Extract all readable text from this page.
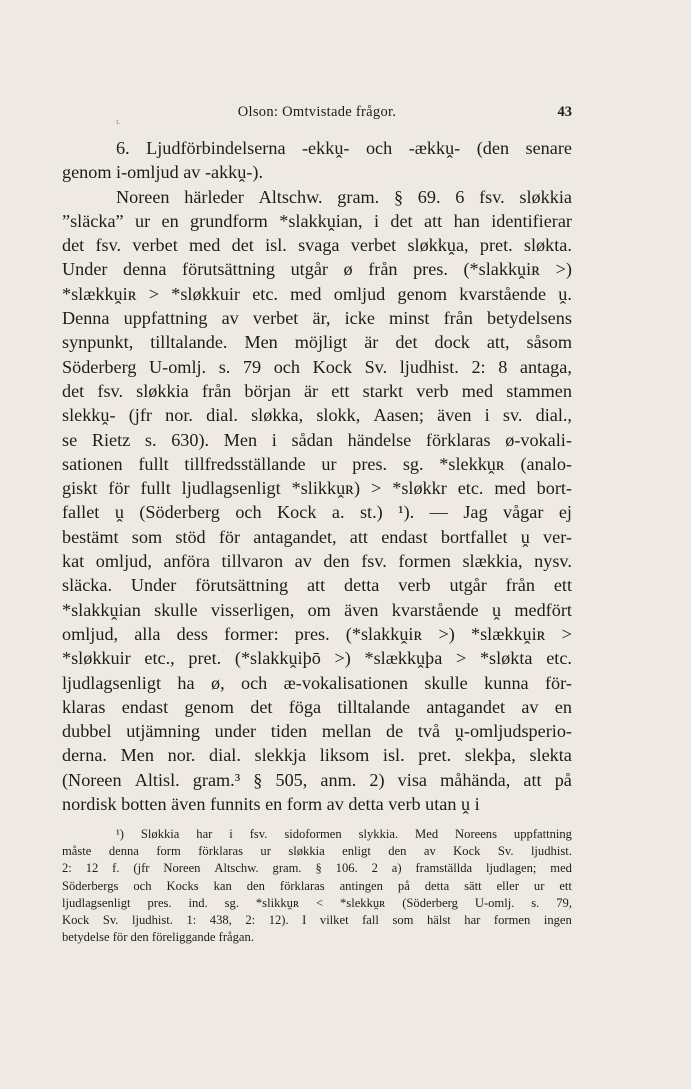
Olson: Omtvistade frågor.	43
ᴸ
6. Ljudförbindelserna -ekkṷ- och -ækkṷ- (den senare
genom i-omljud av -akkṷ-).
Noreen härleder Altschw. gram. § 69. 6 fsv. sløkkia
”släcka” ur en grundform *slakkṷian, i det att han identifierar
det fsv. verbet med det isl. svaga verbet sløkkṷa, pret. sløkta.
Under denna förutsättning utgår ø från pres. (*slakkṷiʀ >)
*slækkṷiʀ > *sløkkuir etc. med omljud genom kvarstående ṷ.
Denna uppfattning av verbet är, icke minst från betydelsens
synpunkt, tilltalande. Men möjligt är det dock att, såsom
Söderberg U-omlj. s. 79 och Kock Sv. ljudhist. 2: 8 antaga,
det fsv. sløkkia från början är ett starkt verb med stammen
slekkṷ- (jfr nor. dial. sløkka, slokk, Aasen; även i sv. dial.,
se Rietz s. 630). Men i sådan händelse förklaras ø-vokali-
sationen fullt tillfredsställande ur pres. sg. *slekkṷʀ (analo-
giskt för fullt ljudlagsenligt *slikkṷʀ) > *sløkkr etc. med bort-
fallet ṷ (Söderberg och Kock a. st.) ¹). — Jag vågar ej
bestämt som stöd för antagandet, att endast bortfallet ṷ ver-
kat omljud, anföra tillvaron av den fsv. formen slækkia, nysv.
släcka. Under förutsättning att detta verb utgår från ett
*slakkṷian skulle visserligen, om även kvarstående ṷ medfört
omljud, alla dess former: pres. (*slakkṷiʀ >) *slækkṷiʀ >
*sløkkuir etc., pret. (*slakkṷiþō >) *slækkṷþa > *sløkta etc.
ljudlagsenligt ha ø, och æ-vokalisationen skulle kunna för-
klaras endast genom det föga tilltalande antagandet av en
dubbel utjämning under tiden mellan de två ṷ-omljudsperio-
derna. Men nor. dial. slekkja liksom isl. pret. slekþa, slekta
(Noreen Altisl. gram.³ § 505, anm. 2) visa måhända, att på
nordisk botten även funnits en form av detta verb utan ṷ i
¹) Sløkkia har i fsv. sidoformen slykkia. Med Noreens uppfattning
måste denna form förklaras ur sløkkia enligt den av Kock Sv. ljudhist.
2: 12 f. (jfr Noreen Altschw. gram. § 106. 2 a) framställda ljudlagen; med
Söderbergs och Kocks kan den förklaras antingen på detta sätt eller ur ett
ljudlagsenligt pres. ind. sg. *slikkṷʀ < *slekkṷʀ (Söderberg U-omlj. s. 79,
Kock Sv. ljudhist. 1: 438, 2: 12). I vilket fall som hälst har formen ingen
betydelse för den föreliggande frågan.
